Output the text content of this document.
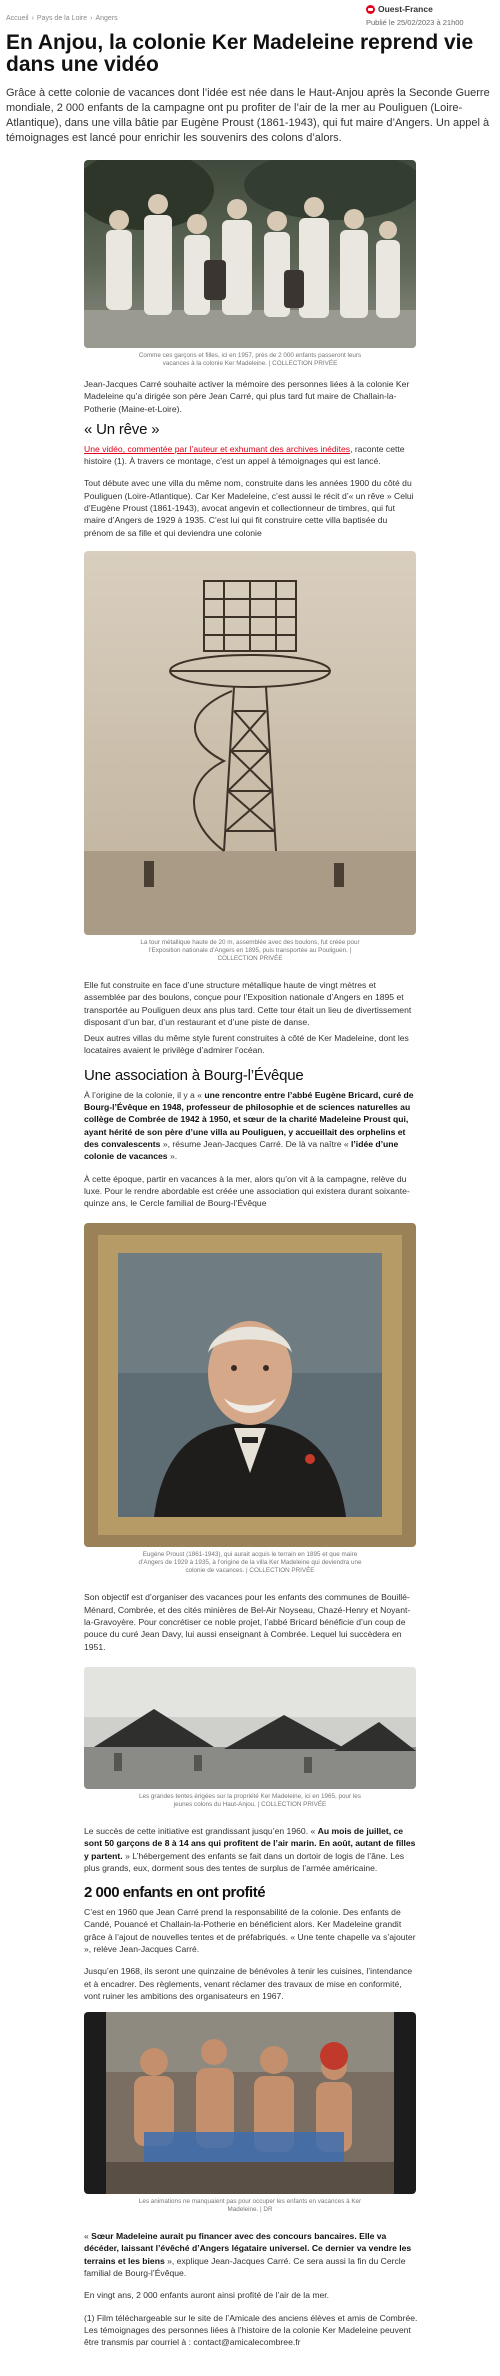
Accueil › Pays de la Loire › Angers
Ouest-France
Publié le 25/02/2023 à 21h00
En Anjou, la colonie Ker Madeleine reprend vie dans une vidéo

Grâce à cette colonie de vacances dont l’idée est née dans le Haut-Anjou après la Seconde Guerre mondiale, 2 000 enfants de la campagne ont pu profiter de l’air de la mer au Pouliguen (Loire-Atlantique), dans une villa bâtie par Eugène Proust (1861-1943), qui fut maire d’Angers. Un appel à témoignages est lancé pour enrichir les souvenirs des colons d’alors.

Comme ces garçons et filles, ici en 1957, près de 2 000 enfants passeront leurs vacances à la colonie Ker Madeleine. | COLLECTION PRIVÉE

Jean-Jacques Carré souhaite activer la mémoire des personnes liées à la colonie Ker Madeleine qu’a dirigée son père Jean Carré, qui plus tard fut maire de Challain-la-Potherie (Maine-et-Loire).

« Un rêve »

Une vidéo, commentée par l’auteur et exhumant des archives inédites, raconte cette histoire (1). À travers ce montage, c’est un appel à témoignages qui est lancé.

Tout débute avec une villa du même nom, construite dans les années 1900 du côté du Pouliguen (Loire-Atlantique). Car Ker Madeleine, c’est aussi le récit d’« un rêve » Celui d’Eugène Proust (1861-1943), avocat angevin et collectionneur de timbres, qui fut maire d’Angers de 1929 à 1935. C’est lui qui fit construire cette villa baptisée du prénom de sa fille et qui deviendra une colonie

La tour métallique haute de 20 m, assemblée avec des boulons, fut créée pour l’Exposition nationale d’Angers en 1895, puis transportée au Pouliguen. | COLLECTION PRIVÉE

Elle fut construite en face d’une structure métallique haute de vingt mètres et assemblée par des boulons, conçue pour l’Exposition nationale d’Angers en 1895 et transportée au Pouliguen deux ans plus tard. Cette tour était un lieu de divertissement disposant d’un bar, d’un restaurant et d’une piste de danse.

Deux autres villas du même style furent construites à côté de Ker Madeleine, dont les locataires avaient le privilège d’admirer l’océan.

Une association à Bourg-l’Évêque

À l’origine de la colonie, il y a « une rencontre entre l’abbé Eugène Bricard, curé de Bourg-l’Évêque en 1948, professeur de philosophie et de sciences naturelles au collège de Combrée de 1942 à 1950, et sœur de la charité Madeleine Proust qui, ayant hérité de son père d’une villa au Pouliguen, y accueillait des orphelins et des convalescents », résume Jean-Jacques Carré. De là va naître « l’idée d’une colonie de vacances ».

À cette époque, partir en vacances à la mer, alors qu’on vit à la campagne, relève du luxe. Pour le rendre abordable est créée une association qui existera durant soixante-quinze ans, le Cercle familial de Bourg-l’Évêque

Eugène Proust (1861-1943), qui aurait acquis le terrain en 1895 et que maire d’Angers de 1929 à 1935, à l’origine de la villa Ker Madeleine qui deviendra une colonie de vacances. | COLLECTION PRIVÉE

Son objectif est d’organiser des vacances pour les enfants des communes de Bouillé-Ménard, Combrée, et des cités minières de Bel-Air Noyseau, Chazé-Henry et Noyant-la-Gravoyère. Pour concrétiser ce noble projet, l’abbé Bricard bénéficie d’un coup de pouce du curé Jean Davy, lui aussi enseignant à Combrée. Lequel lui succèdera en 1951.

Les grandes tentes érigées sur la propriété Ker Madeleine, ici en 1965, pour les jeunes colons du Haut-Anjou. | COLLECTION PRIVÉE

Le succès de cette initiative est grandissant jusqu’en 1960. « Au mois de juillet, ce sont 50 garçons de 8 à 14 ans qui profitent de l’air marin. En août, autant de filles y partent. » L’hébergement des enfants se fait dans un dortoir de logis de l’âne. Les plus grands, eux, dorment sous des tentes de surplus de l’armée américaine.

2 000 enfants en ont profité

C’est en 1960 que Jean Carré prend la responsabilité de la colonie. Des enfants de Candé, Pouancé et Challain-la-Potherie en bénéficient alors. Ker Madeleine grandit grâce à l’ajout de nouvelles tentes et de préfabriqués. « Une tente chapelle va s’ajouter », relève Jean-Jacques Carré.

Jusqu’en 1968, ils seront une quinzaine de bénévoles à tenir les cuisines, l’intendance et à encadrer. Des règlements, venant réclamer des travaux de mise en conformité, vont ruiner les ambitions des organisateurs en 1967.

Les animations ne manquaient pas pour occuper les enfants en vacances à Ker Madeleine. | DR

« Sœur Madeleine aurait pu financer avec des concours bancaires. Elle va décéder, laissant l’évêché d’Angers légataire universel. Ce dernier va vendre les terrains et les biens », explique Jean-Jacques Carré. Ce sera aussi la fin du Cercle familial de Bourg-l’Évêque.

En vingt ans, 2 000 enfants auront ainsi profité de l’air de la mer.

(1) Film téléchargeable sur le site de l’Amicale des anciens élèves et amis de Combrée. Les témoignages des personnes liées à l’histoire de la colonie Ker Madeleine peuvent être transmis par courriel à : contact@amicalecombree.fr
